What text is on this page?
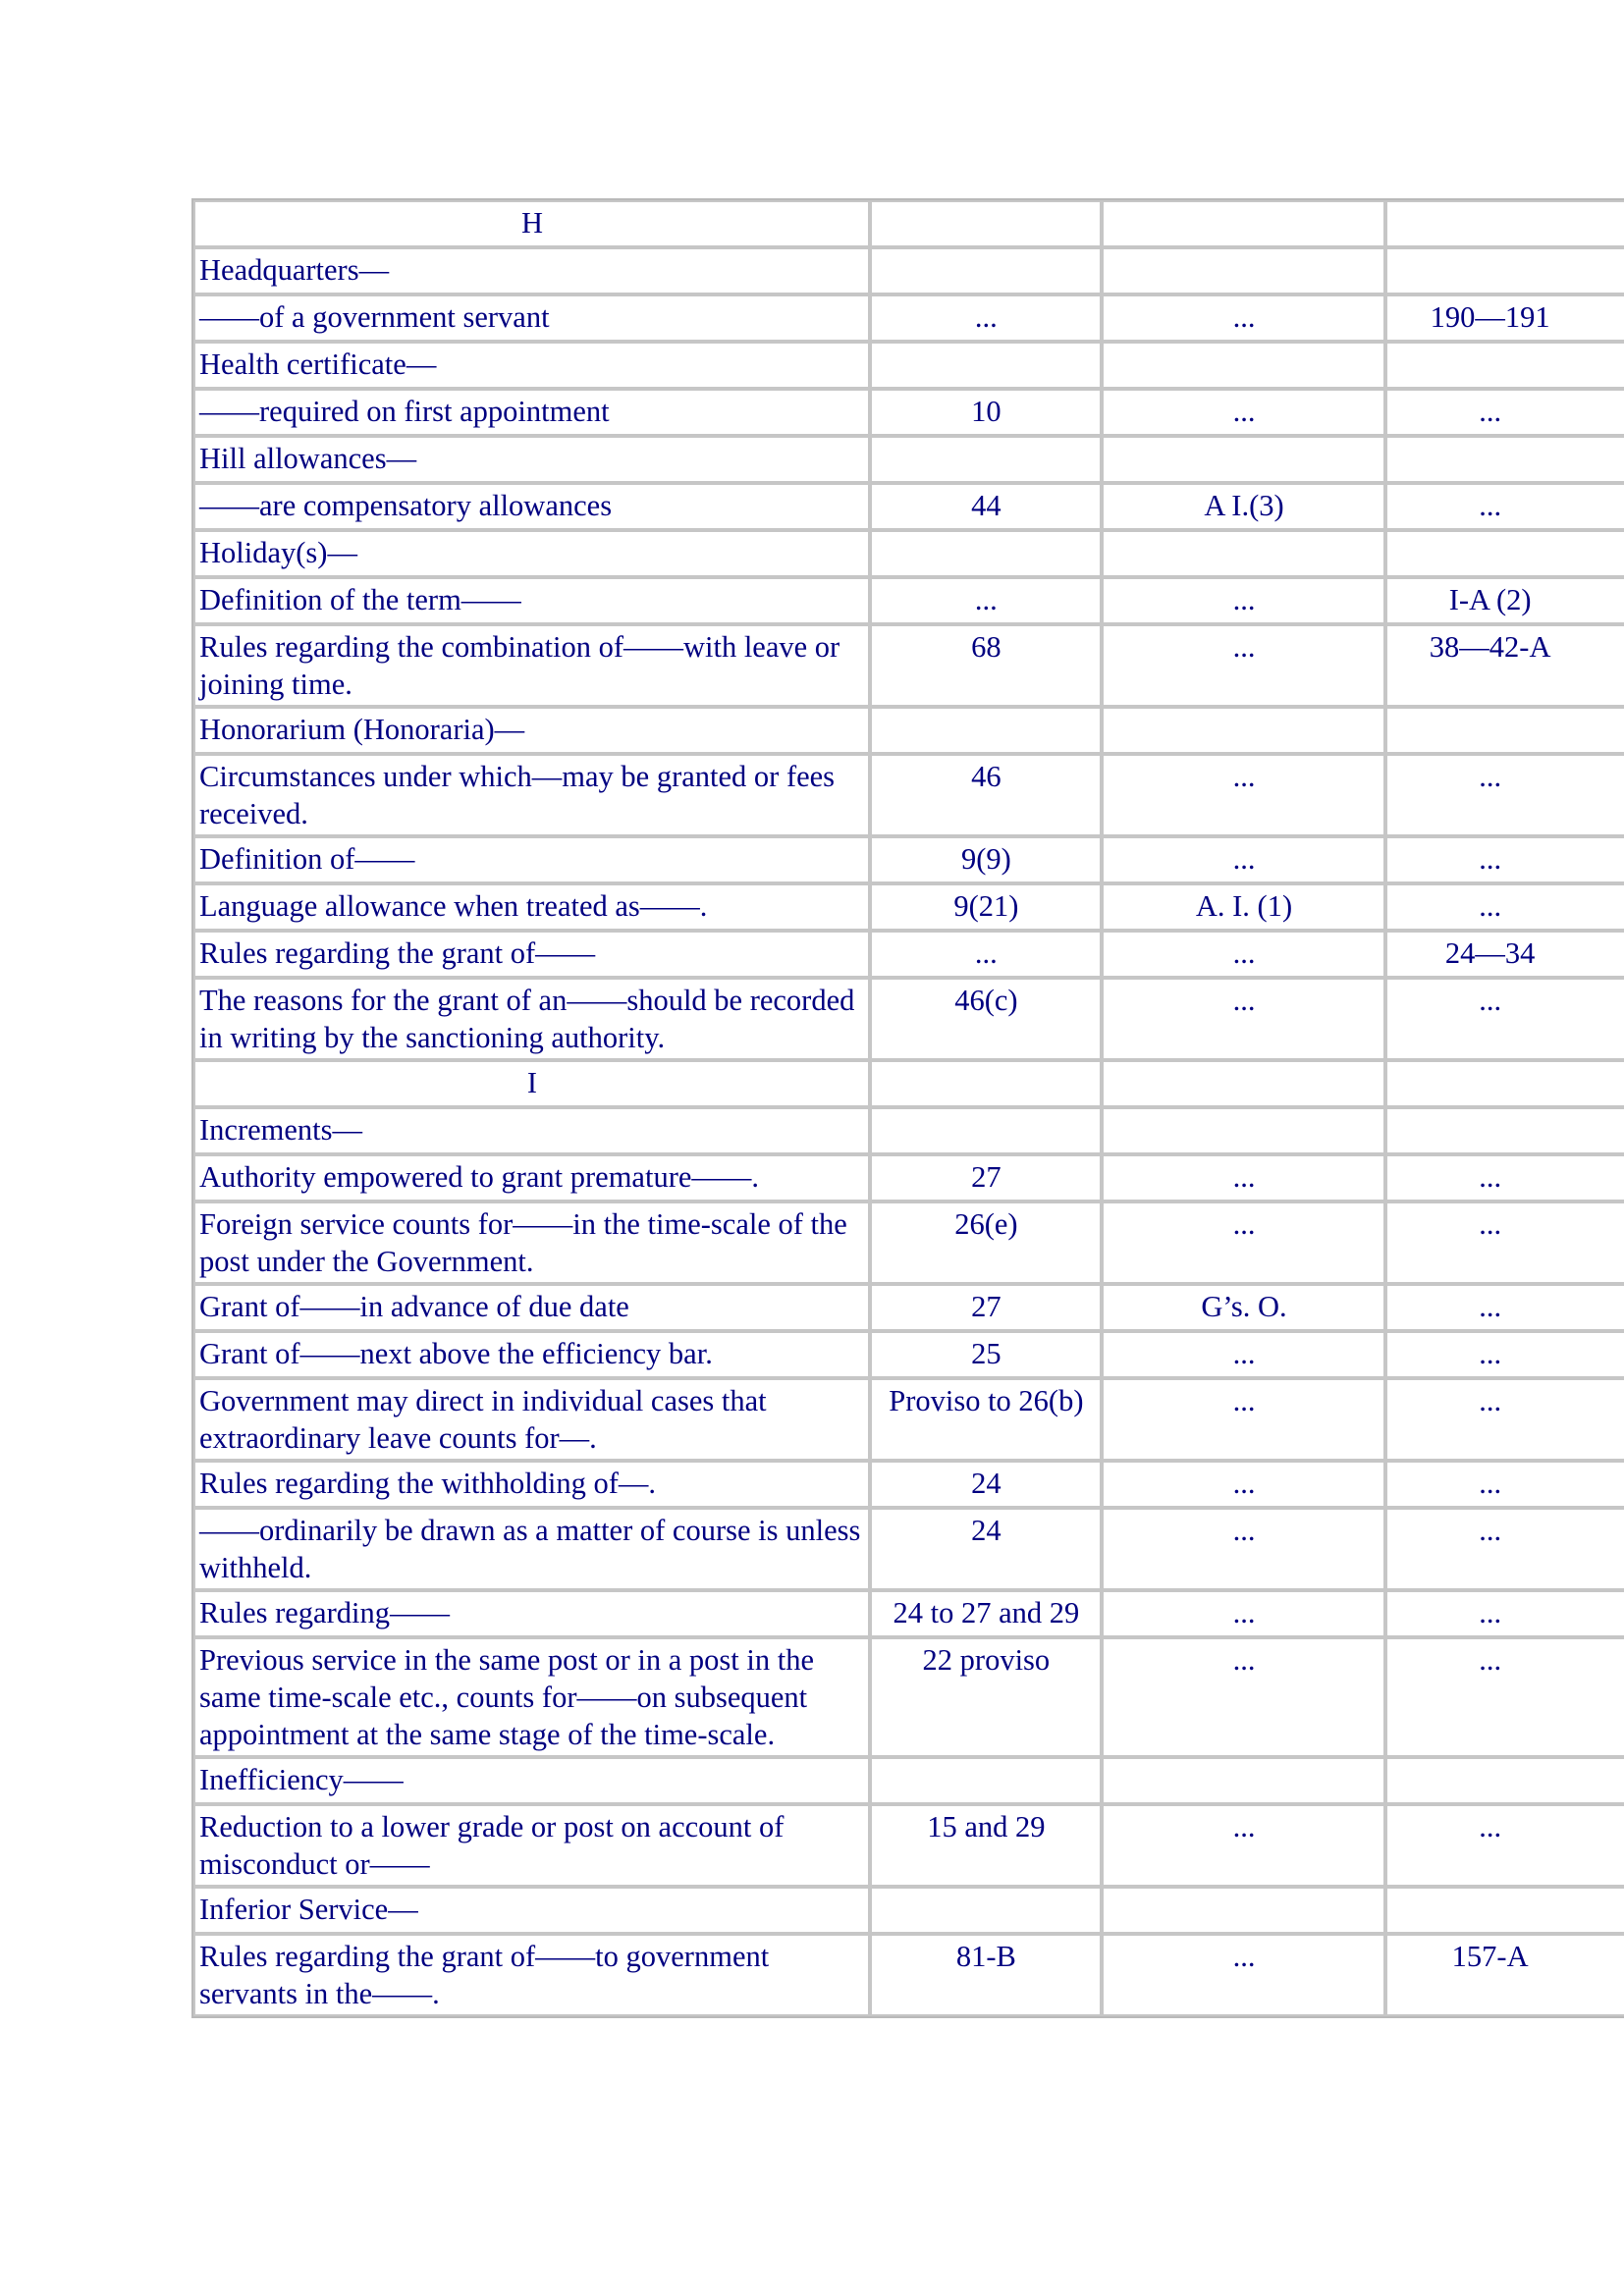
H			
Headquarters—			
——of a government servant	...	...	190—191
Health certificate—			
——required on first appointment	10	...	...
Hill allowances—			
——are compensatory allowances	44	A I.(3)	...
Holiday(s)—			
Definition of the term——	...	...	I-A (2)
Rules regarding the combination of——with leave or joining time.	68	...	38—42-A
Honorarium (Honoraria)—			
Circumstances under which—may be granted or fees received.	46	...	...
Definition of——	9(9)	...	...
Language allowance when treated as——.	9(21)	A. I. (1)	...
Rules regarding the grant of——	...	...	24—34
The reasons for the grant of an——should be recorded in writing by the sanctioning authority.	46(c)	...	...
I			
Increments—			
Authority empowered to grant premature——.	27	...	...
Foreign service counts for——in the time-scale of the post under the Government.	26(e)	...	...
Grant of——in advance of due date	27	G’s. O.	...
Grant of——next above the efficiency bar.	25	...	...
Government may direct in individual cases that extraordinary leave counts for—.	Proviso to 26(b)	...	...
Rules regarding the withholding of—.	24	...	...
——ordinarily be drawn as a matter of course is unless withheld.	24	...	...
Rules regarding——	24 to 27 and 29	...	...
Previous service in the same post or in a post in the same time-scale etc., counts for——on subsequent appointment at the same stage of the time-scale.	22 proviso	...	...
Inefficiency——			
Reduction to a lower grade or post on account of misconduct or——	15 and 29	...	...
Inferior Service—			
Rules regarding the grant of——to government servants in the——.	81-B	...	157-A
